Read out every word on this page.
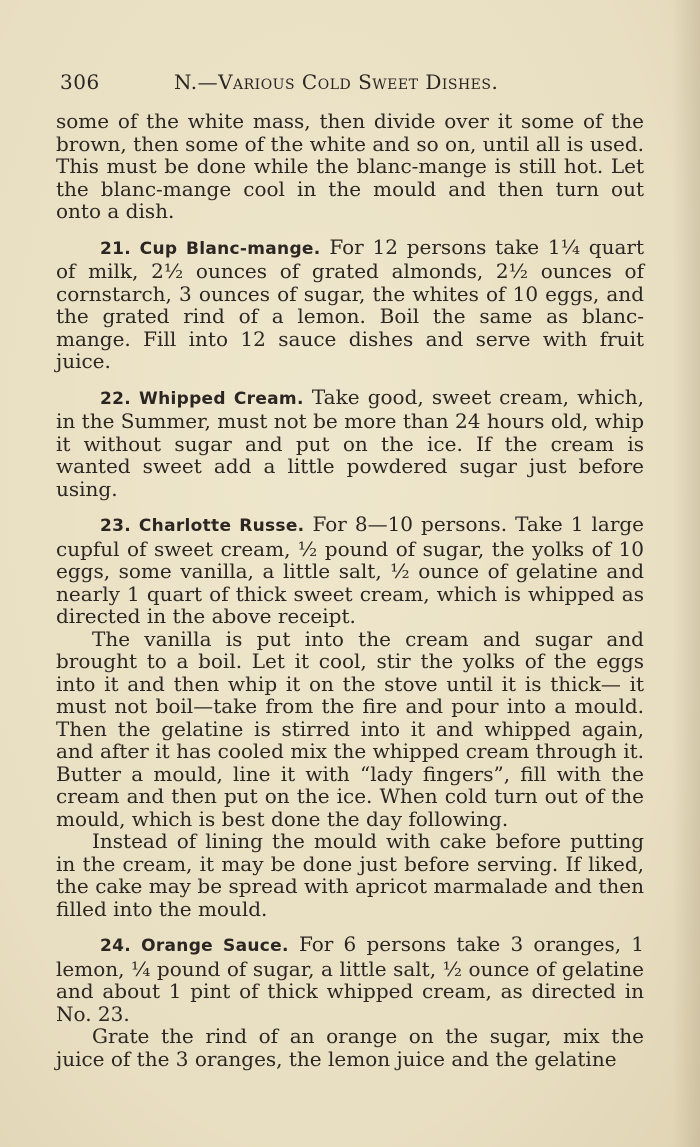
306	N.—Various Cold Sweet Dishes.

some of the white mass, then divide over it some of the brown, then some of the white and so on, until all is used. This must be done while the blanc-mange is still hot. Let the blanc-mange cool in the mould and then turn out onto a dish.

21. Cup Blanc-mange. For 12 persons take 1¼ quart of milk, 2½ ounces of grated almonds, 2½ ounces of cornstarch, 3 ounces of sugar, the whites of 10 eggs, and the grated rind of a lemon. Boil the same as blanc-mange. Fill into 12 sauce dishes and serve with fruit juice.

22. Whipped Cream. Take good, sweet cream, which, in the Summer, must not be more than 24 hours old, whip it without sugar and put on the ice. If the cream is wanted sweet add a little powdered sugar just before using.

23. Charlotte Russe. For 8—10 persons. Take 1 large cupful of sweet cream, ½ pound of sugar, the yolks of 10 eggs, some vanilla, a little salt, ½ ounce of gelatine and nearly 1 quart of thick sweet cream, which is whipped as directed in the above receipt.

The vanilla is put into the cream and sugar and brought to a boil. Let it cool, stir the yolks of the eggs into it and then whip it on the stove until it is thick— it must not boil—take from the fire and pour into a mould. Then the gelatine is stirred into it and whipped again, and after it has cooled mix the whipped cream through it. Butter a mould, line it with “lady fingers”, fill with the cream and then put on the ice. When cold turn out of the mould, which is best done the day following.

Instead of lining the mould with cake before putting in the cream, it may be done just before serving. If liked, the cake may be spread with apricot marmalade and then filled into the mould.

24. Orange Sauce. For 6 persons take 3 oranges, 1 lemon, ¼ pound of sugar, a little salt, ½ ounce of gelatine and about 1 pint of thick whipped cream, as directed in No. 23.

Grate the rind of an orange on the sugar, mix the juice of the 3 oranges, the lemon juice and the gelatine
